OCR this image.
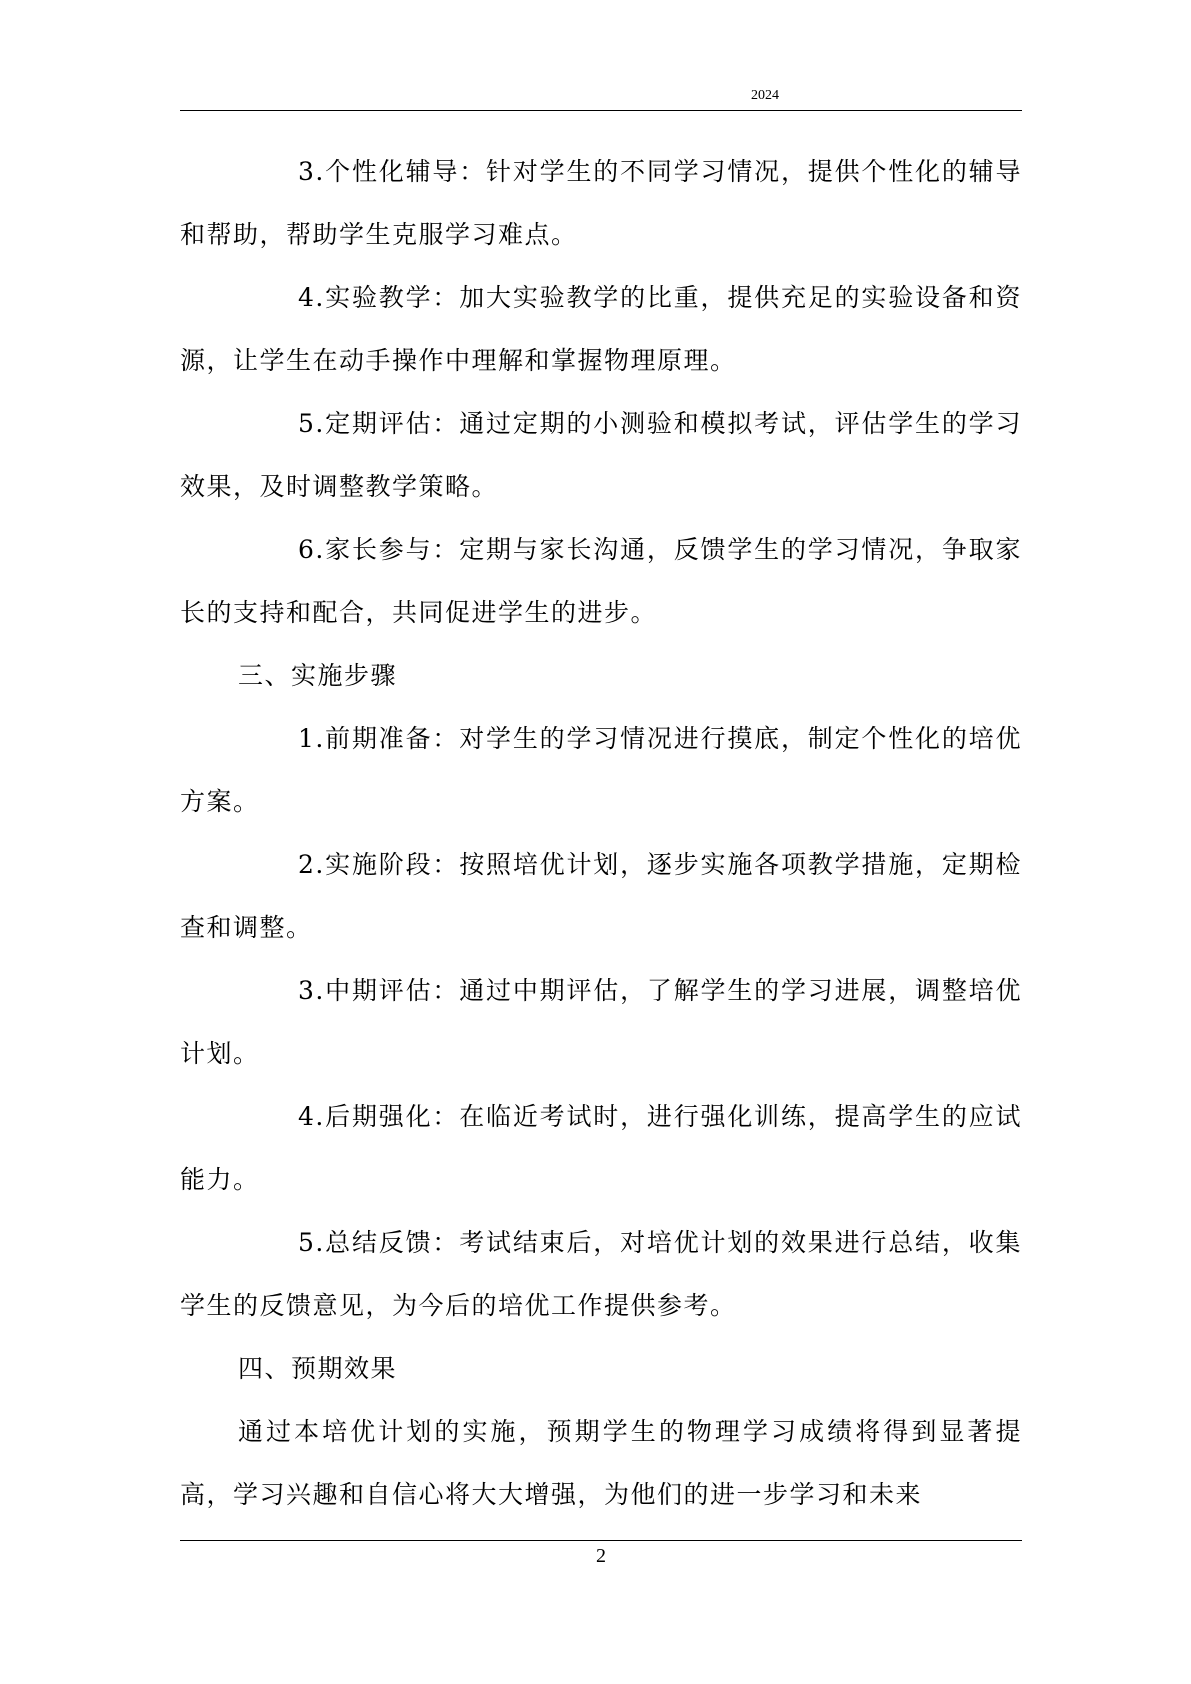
2024

3.个性化辅导：针对学生的不同学习情况，提供个性化的辅导和帮助，帮助学生克服学习难点。

4.实验教学：加大实验教学的比重，提供充足的实验设备和资源，让学生在动手操作中理解和掌握物理原理。

5.定期评估：通过定期的小测验和模拟考试，评估学生的学习效果，及时调整教学策略。

6.家长参与：定期与家长沟通，反馈学生的学习情况，争取家长的支持和配合，共同促进学生的进步。

三、实施步骤

1.前期准备：对学生的学习情况进行摸底，制定个性化的培优方案。

2.实施阶段：按照培优计划，逐步实施各项教学措施，定期检查和调整。

3.中期评估：通过中期评估，了解学生的学习进展，调整培优计划。

4.后期强化：在临近考试时，进行强化训练，提高学生的应试能力。

5.总结反馈：考试结束后，对培优计划的效果进行总结，收集学生的反馈意见，为今后的培优工作提供参考。

四、预期效果

通过本培优计划的实施，预期学生的物理学习成绩将得到显著提高，学习兴趣和自信心将大大增强，为他们的进一步学习和未来

2
